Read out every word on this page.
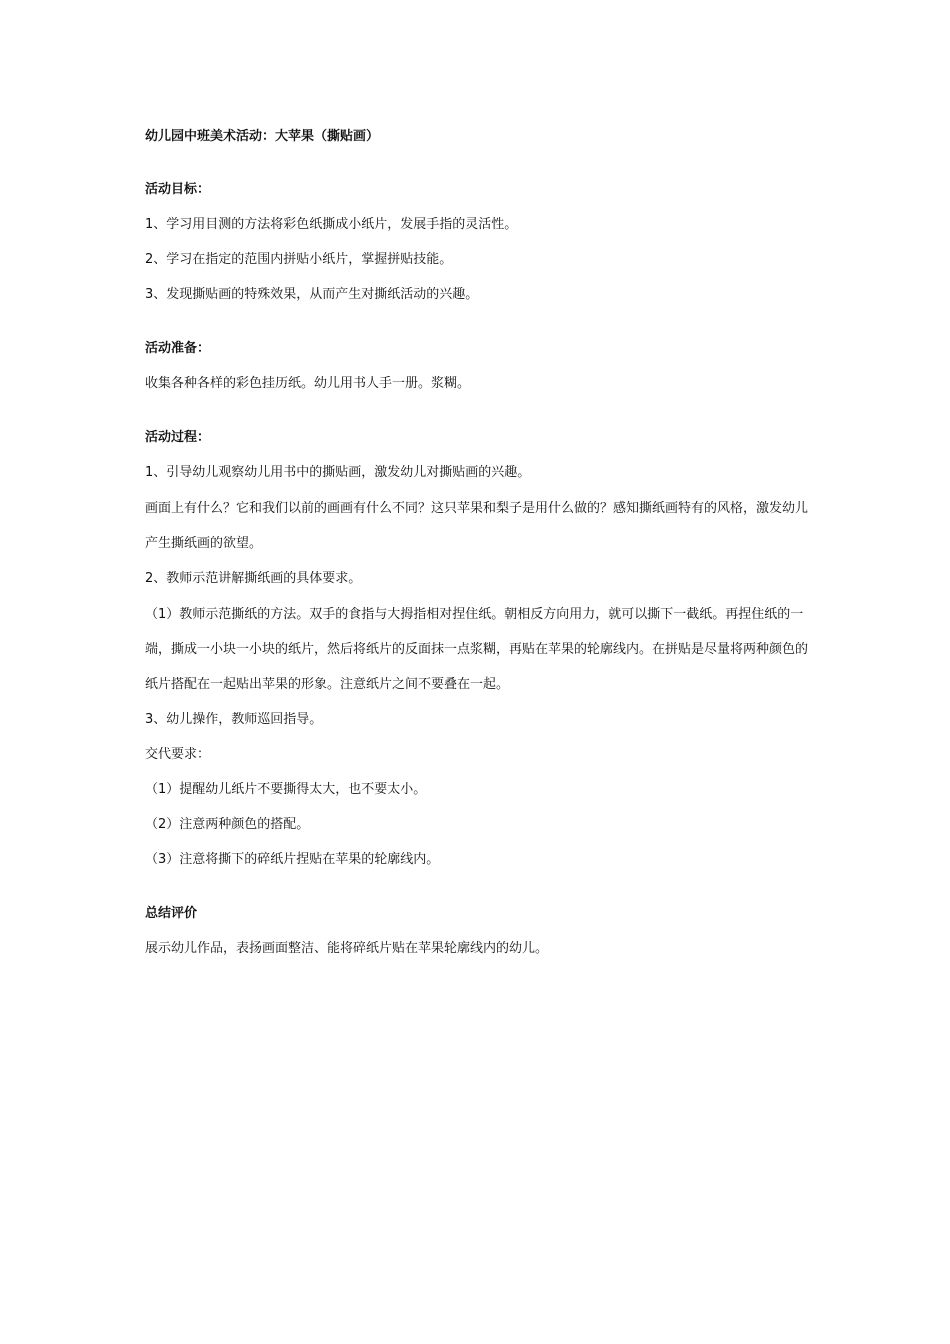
幼儿园中班美术活动：大苹果（撕贴画）
活动目标：
1、学习用目测的方法将彩色纸撕成小纸片，发展手指的灵活性。
2、学习在指定的范围内拼贴小纸片，掌握拼贴技能。
3、发现撕贴画的特殊效果，从而产生对撕纸活动的兴趣。
活动准备：
收集各种各样的彩色挂历纸。幼儿用书人手一册。浆糊。
活动过程：
1、引导幼儿观察幼儿用书中的撕贴画，激发幼儿对撕贴画的兴趣。
画面上有什么？它和我们以前的画画有什么不同？这只苹果和梨子是用什么做的？感知撕纸画特有的风格，激发幼儿产生撕纸画的欲望。
2、教师示范讲解撕纸画的具体要求。
（1）教师示范撕纸的方法。双手的食指与大拇指相对捏住纸。朝相反方向用力，就可以撕下一截纸。再捏住纸的一端，撕成一小块一小块的纸片，然后将纸片的反面抹一点浆糊，再贴在苹果的轮廓线内。在拼贴是尽量将两种颜色的纸片搭配在一起贴出苹果的形象。注意纸片之间不要叠在一起。
3、幼儿操作，教师巡回指导。
交代要求：
（1）提醒幼儿纸片不要撕得太大，也不要太小。
（2）注意两种颜色的搭配。
（3）注意将撕下的碎纸片捏贴在苹果的轮廓线内。
总结评价
展示幼儿作品，表扬画面整洁、能将碎纸片贴在苹果轮廓线内的幼儿。
